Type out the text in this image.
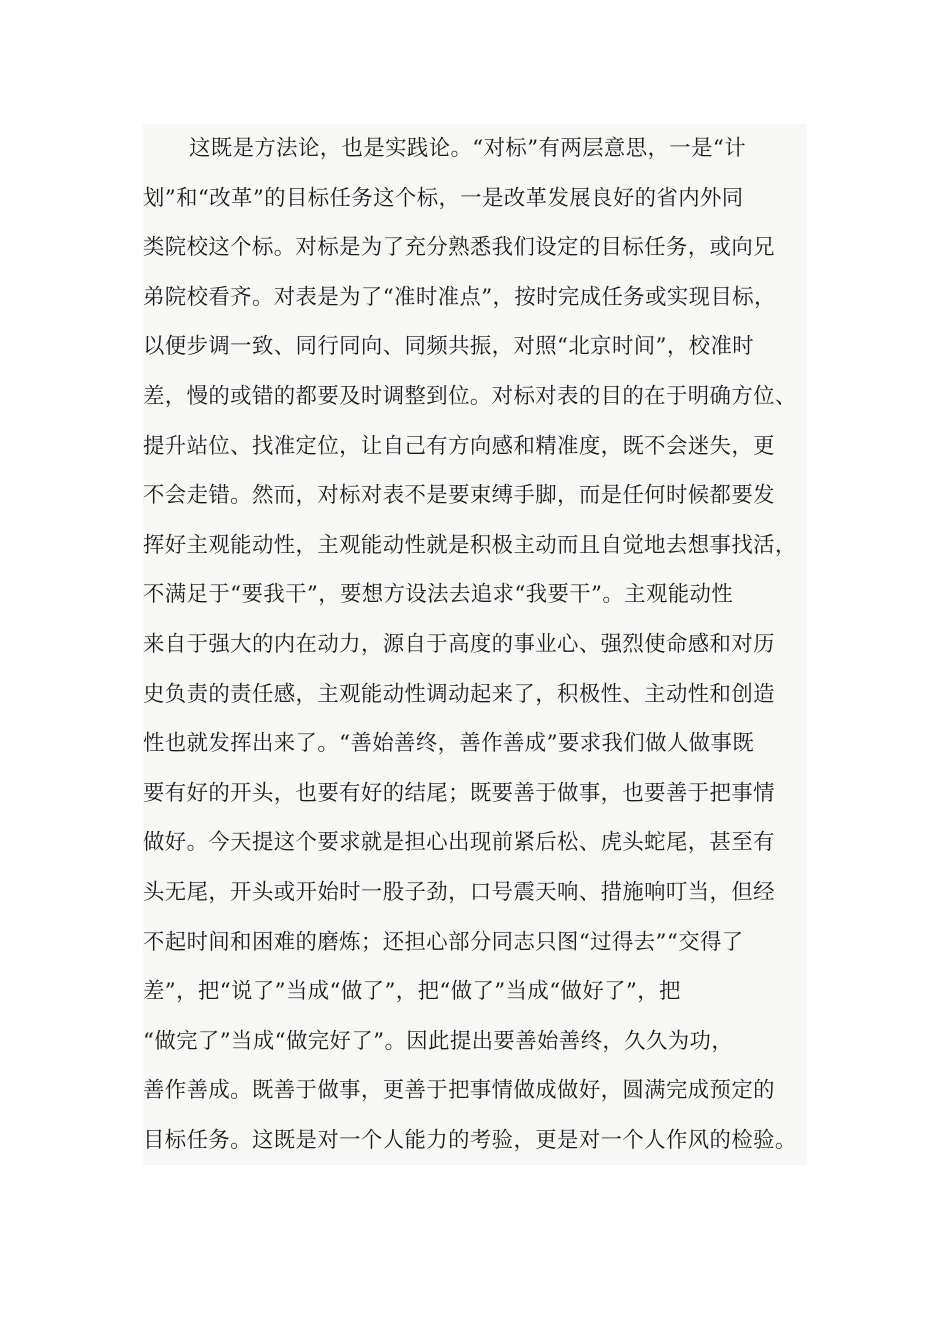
这既是方法论，也是实践论。“对标”有两层意思，一是“计
划”和“改革”的目标任务这个标，一是改革发展良好的省内外同
类院校这个标。对标是为了充分熟悉我们设定的目标任务，或向兄
弟院校看齐。对表是为了“准时准点”，按时完成任务或实现目标，
以便步调一致、同行同向、同频共振，对照“北京时间”，校准时
差，慢的或错的都要及时调整到位。对标对表的目的在于明确方位、
提升站位、找准定位，让自己有方向感和精准度，既不会迷失，更
不会走错。然而，对标对表不是要束缚手脚，而是任何时候都要发
挥好主观能动性，主观能动性就是积极主动而且自觉地去想事找活，
不满足于“要我干”，要想方设法去追求“我要干”。主观能动性
来自于强大的内在动力，源自于高度的事业心、强烈使命感和对历
史负责的责任感，主观能动性调动起来了，积极性、主动性和创造
性也就发挥出来了。“善始善终，善作善成”要求我们做人做事既
要有好的开头，也要有好的结尾；既要善于做事，也要善于把事情
做好。今天提这个要求就是担心出现前紧后松、虎头蛇尾，甚至有
头无尾，开头或开始时一股子劲，口号震天响、措施响叮当，但经
不起时间和困难的磨炼；还担心部分同志只图“过得去”“交得了
差”，把“说了”当成“做了”，把“做了”当成“做好了”，把
“做完了”当成“做完好了”。因此提出要善始善终，久久为功，
善作善成。既善于做事，更善于把事情做成做好，圆满完成预定的
目标任务。这既是对一个人能力的考验，更是对一个人作风的检验。
